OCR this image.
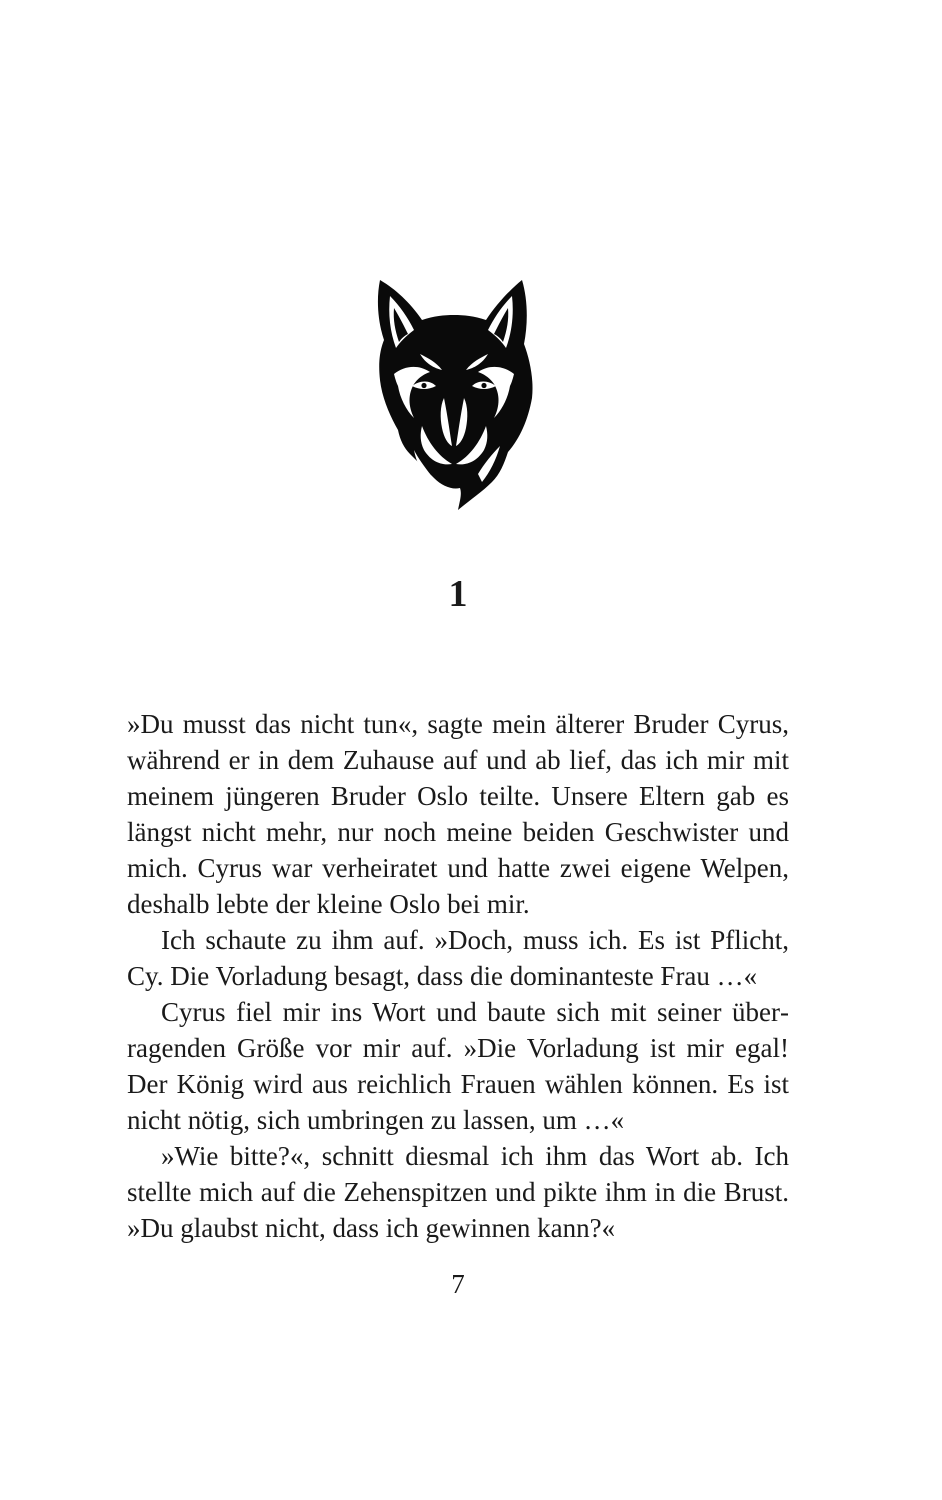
1

»Du musst das nicht tun«, sagte mein älterer Bruder Cyrus, während er in dem Zuhause auf und ab lief, das ich mir mit meinem jüngeren Bruder Oslo teilte. Unsere Eltern gab es längst nicht mehr, nur noch meine beiden Geschwister und mich. Cyrus war verheiratet und hatte zwei eigene Welpen, deshalb lebte der kleine Oslo bei mir.

Ich schaute zu ihm auf. »Doch, muss ich. Es ist Pflicht, Cy. Die Vorladung besagt, dass die dominanteste Frau …«

Cyrus fiel mir ins Wort und baute sich mit seiner überragenden Größe vor mir auf. »Die Vorladung ist mir egal! Der König wird aus reichlich Frauen wählen können. Es ist nicht nötig, sich umbringen zu lassen, um …«

»Wie bitte?«, schnitt diesmal ich ihm das Wort ab. Ich stellte mich auf die Zehenspitzen und pikte ihm in die Brust. »Du glaubst nicht, dass ich gewinnen kann?«

7
